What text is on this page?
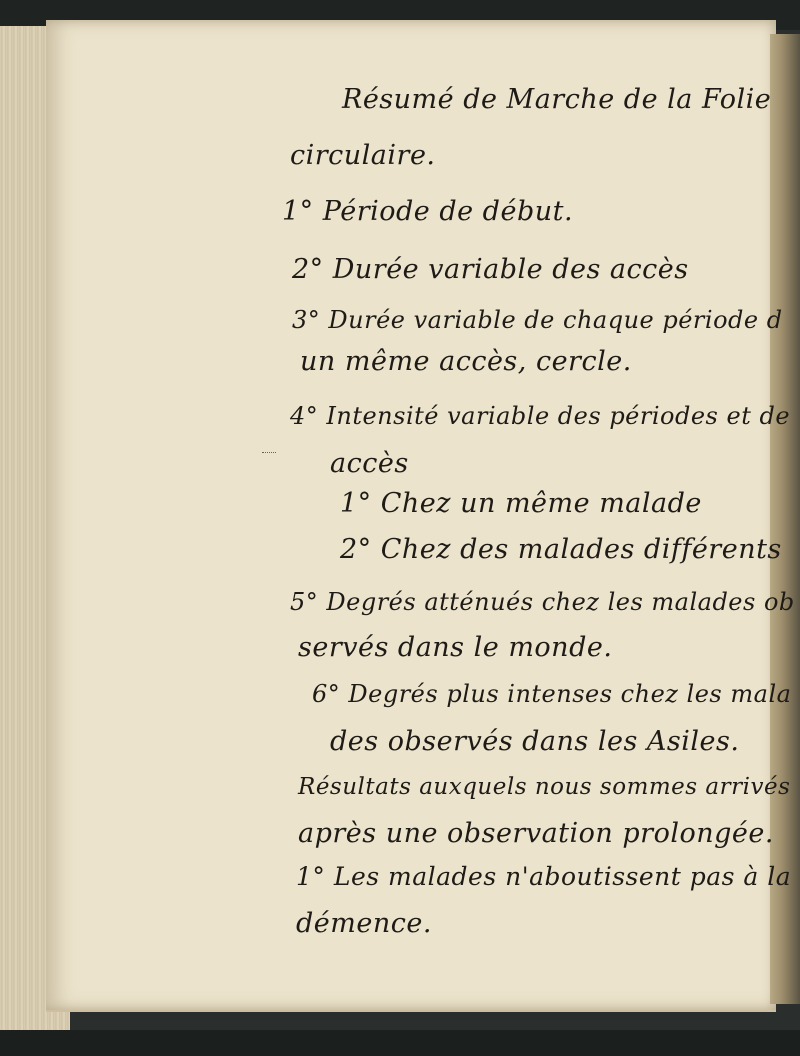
Résumé de Marche de la Folie

circulaire.

1° Période de début.

2° Durée variable des accès

3° Durée variable de chaque période d

un même accès, cercle.

4° Intensité variable des périodes et de

accès

1° Chez un même malade

2° Chez des malades différents

5° Degrés atténués chez les malades ob

servés dans le monde.

6° Degrés plus intenses chez les mala

des observés dans les Asiles.

Résultats auxquels nous sommes arrivés

après une observation prolongée.

1° Les malades n'aboutissent pas à la

démence.
